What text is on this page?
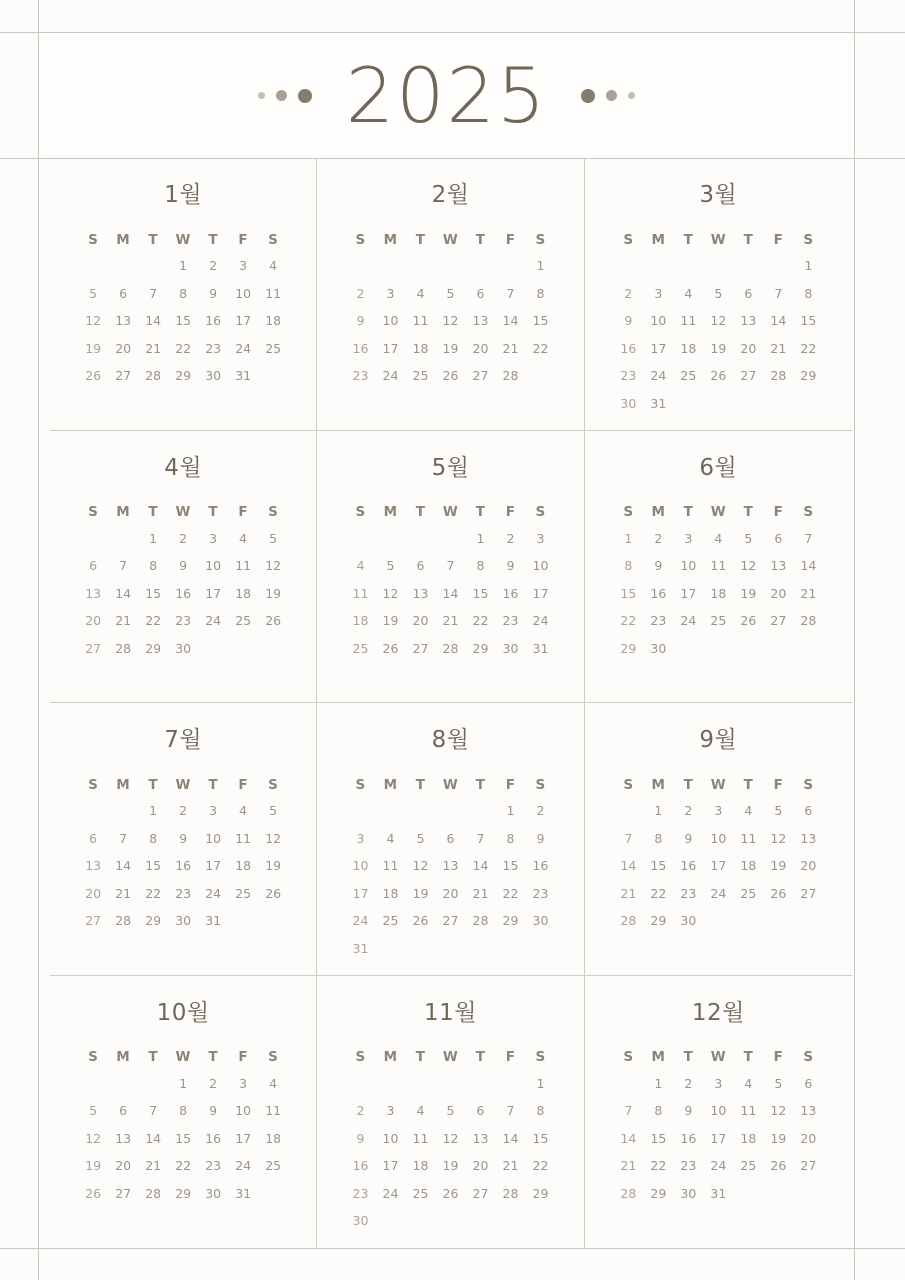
2025
1월
S	M	T	W	T	F	S
			1	2	3	4
5	6	7	8	9	10	11
12	13	14	15	16	17	18
19	20	21	22	23	24	25
26	27	28	29	30	31	
2월
S	M	T	W	T	F	S
						1
2	3	4	5	6	7	8
9	10	11	12	13	14	15
16	17	18	19	20	21	22
23	24	25	26	27	28	
3월
S	M	T	W	T	F	S
						1
2	3	4	5	6	7	8
9	10	11	12	13	14	15
16	17	18	19	20	21	22
23	24	25	26	27	28	29
30	31					
4월
S	M	T	W	T	F	S
		1	2	3	4	5
6	7	8	9	10	11	12
13	14	15	16	17	18	19
20	21	22	23	24	25	26
27	28	29	30			
5월
S	M	T	W	T	F	S
				1	2	3
4	5	6	7	8	9	10
11	12	13	14	15	16	17
18	19	20	21	22	23	24
25	26	27	28	29	30	31
6월
S	M	T	W	T	F	S
1	2	3	4	5	6	7
8	9	10	11	12	13	14
15	16	17	18	19	20	21
22	23	24	25	26	27	28
29	30					
7월
S	M	T	W	T	F	S
		1	2	3	4	5
6	7	8	9	10	11	12
13	14	15	16	17	18	19
20	21	22	23	24	25	26
27	28	29	30	31		
8월
S	M	T	W	T	F	S
					1	2
3	4	5	6	7	8	9
10	11	12	13	14	15	16
17	18	19	20	21	22	23
24	25	26	27	28	29	30
31						
9월
S	M	T	W	T	F	S
	1	2	3	4	5	6
7	8	9	10	11	12	13
14	15	16	17	18	19	20
21	22	23	24	25	26	27
28	29	30				
10월
S	M	T	W	T	F	S
			1	2	3	4
5	6	7	8	9	10	11
12	13	14	15	16	17	18
19	20	21	22	23	24	25
26	27	28	29	30	31	
11월
S	M	T	W	T	F	S
						1
2	3	4	5	6	7	8
9	10	11	12	13	14	15
16	17	18	19	20	21	22
23	24	25	26	27	28	29
30						
12월
S	M	T	W	T	F	S
	1	2	3	4	5	6
7	8	9	10	11	12	13
14	15	16	17	18	19	20
21	22	23	24	25	26	27
28	29	30	31			
